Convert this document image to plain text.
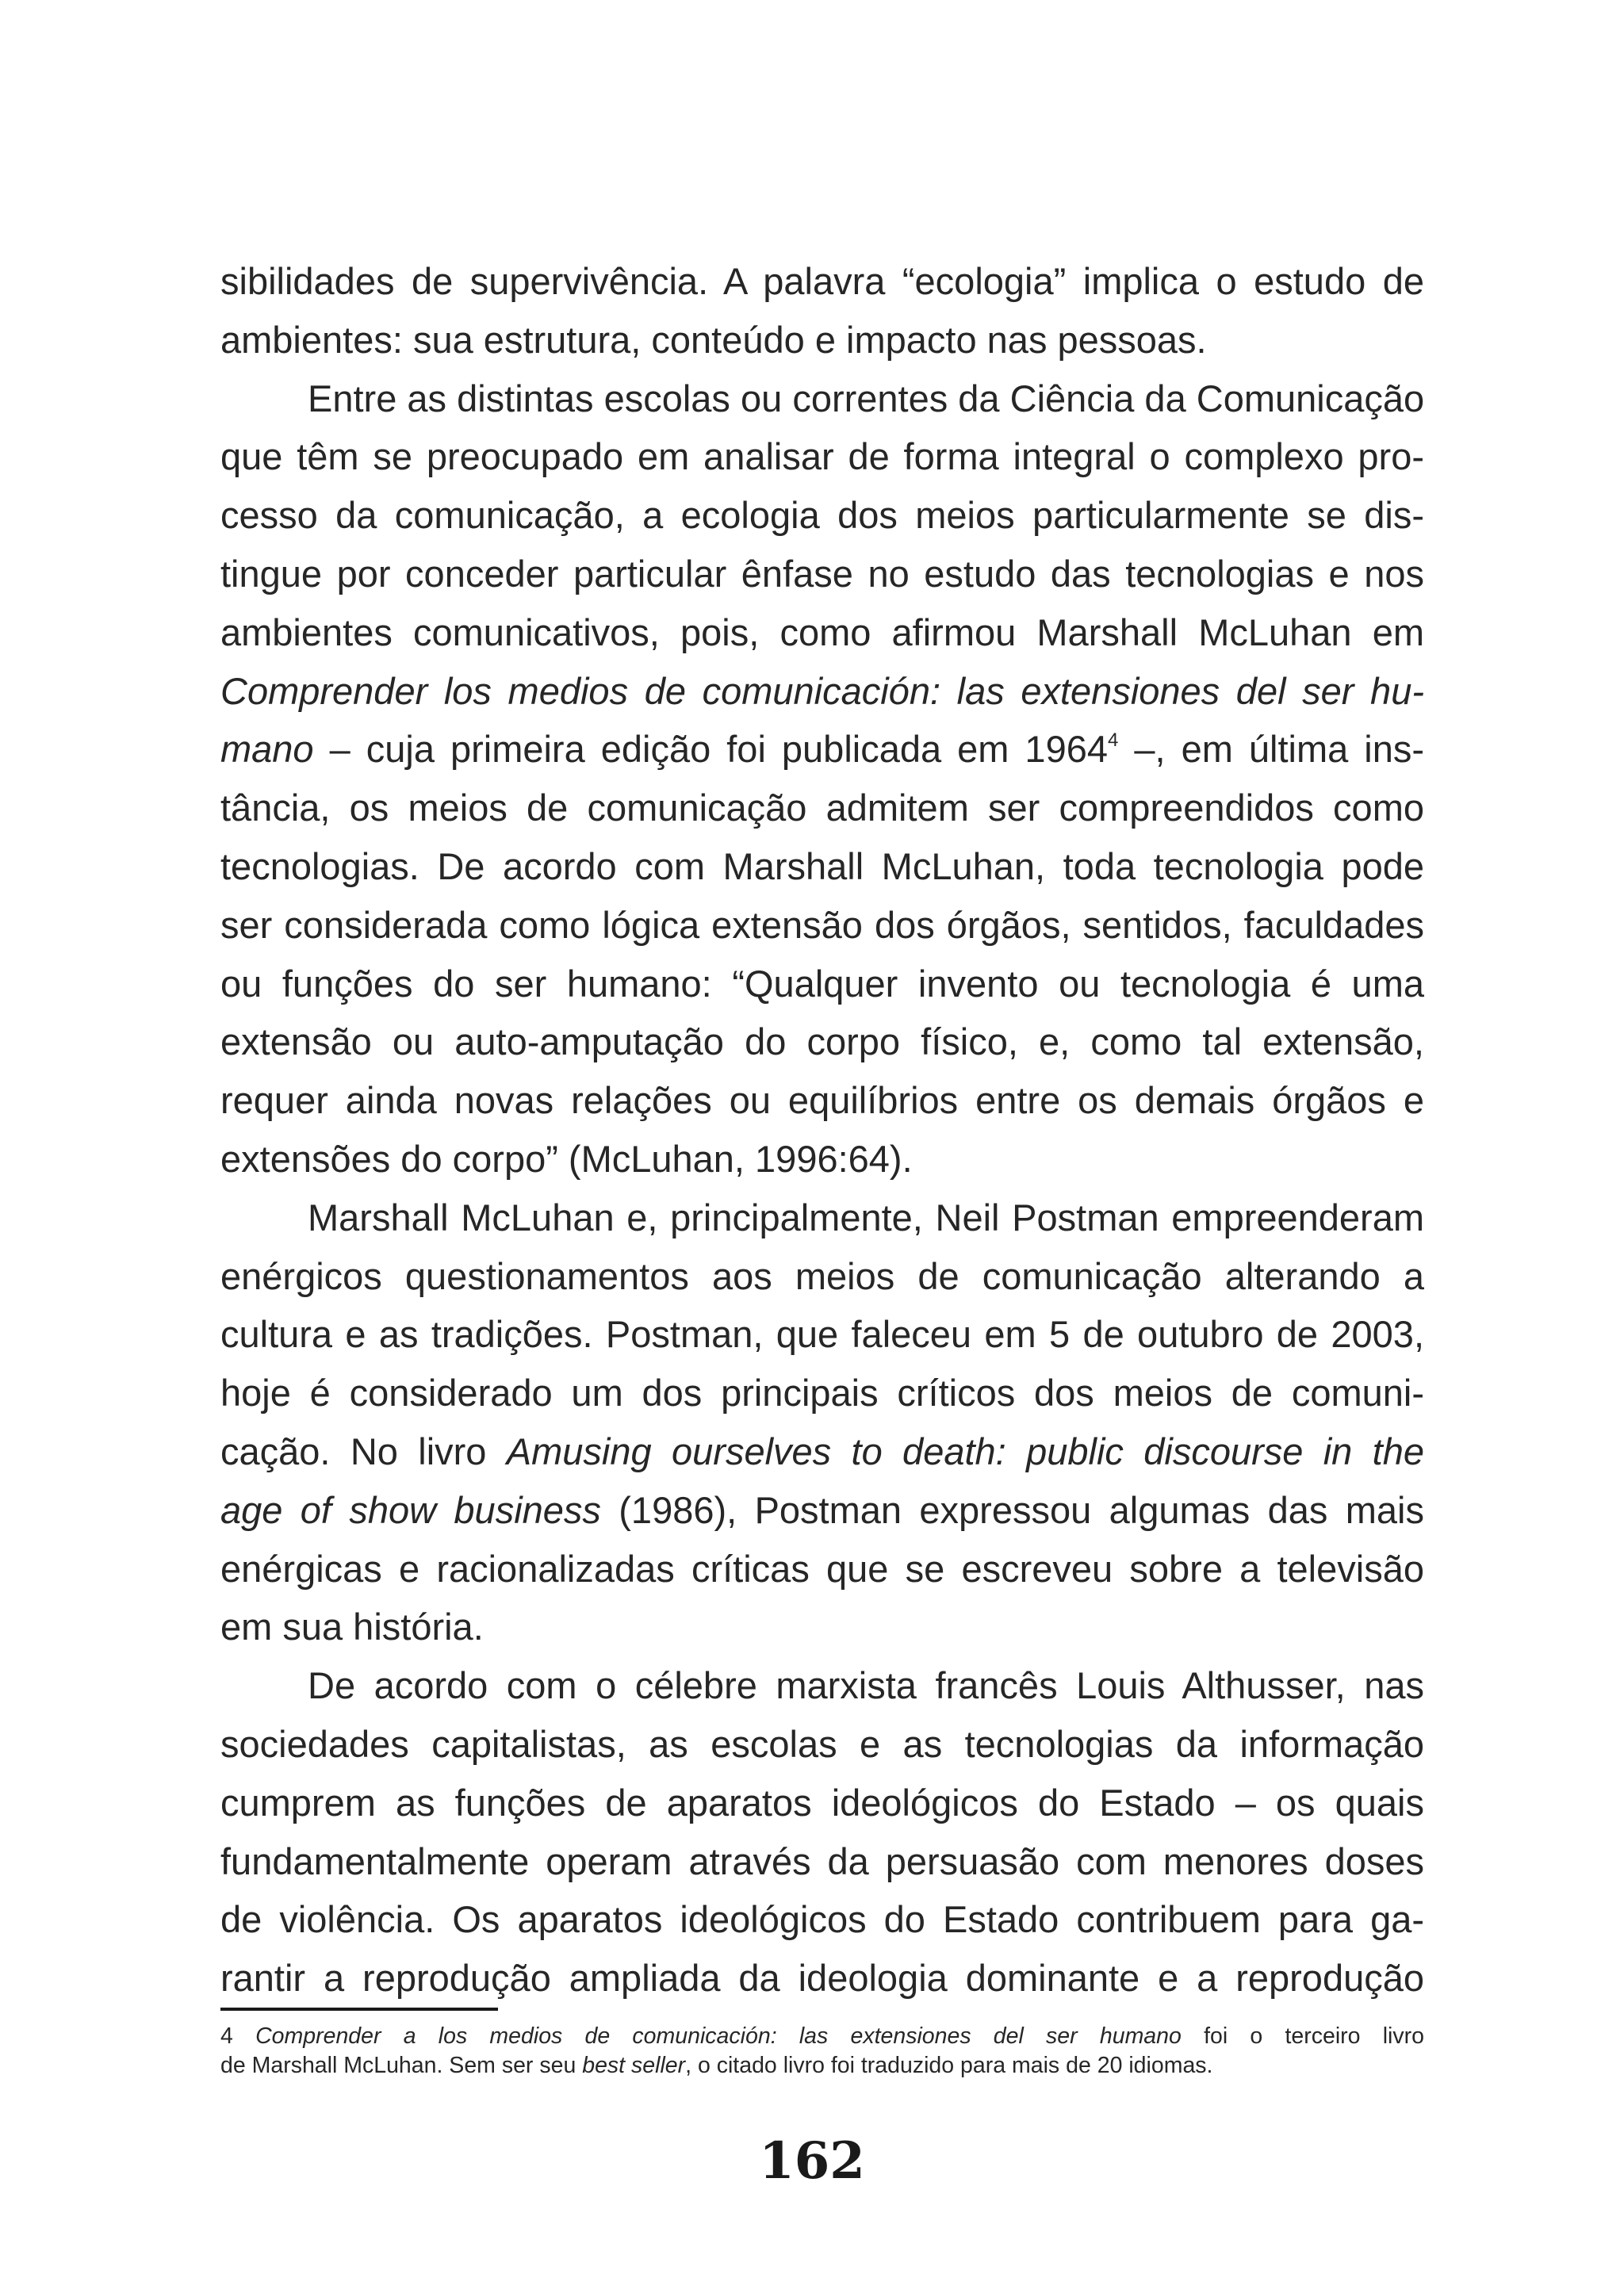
sibilidades de supervivência. A palavra “ecologia” implica o estudo de

ambientes: sua estrutura, conteúdo e impacto nas pessoas.

Entre as distintas escolas ou correntes da Ciência da Comunicação

que têm se preocupado em analisar de forma integral o complexo pro-

cesso da comunicação, a ecologia dos meios particularmente se dis-

tingue por conceder particular ênfase no estudo das tecnologias e nos

ambientes comunicativos, pois, como afirmou Marshall McLuhan em

Comprender los medios de comunicación: las extensiones del ser hu-

mano – cuja primeira edição foi publicada em 1964$^4$ –, em última ins-

tância, os meios de comunicação admitem ser compreendidos como

tecnologias. De acordo com Marshall McLuhan, toda tecnologia pode

ser considerada como lógica extensão dos órgãos, sentidos, faculdades

ou funções do ser humano: “Qualquer invento ou tecnologia é uma

extensão ou auto-amputação do corpo físico, e, como tal extensão,

requer ainda novas relações ou equilíbrios entre os demais órgãos e

extensões do corpo” (McLuhan, 1996:64).

Marshall McLuhan e, principalmente, Neil Postman empreenderam

enérgicos questionamentos aos meios de comunicação alterando a

cultura e as tradições. Postman, que faleceu em 5 de outubro de 2003,

hoje é considerado um dos principais críticos dos meios de comuni-

cação. No livro Amusing ourselves to death: public discourse in the

age of show business (1986), Postman expressou algumas das mais

enérgicas e racionalizadas críticas que se escreveu sobre a televisão

em sua história.

De acordo com o célebre marxista francês Louis Althusser, nas

sociedades capitalistas, as escolas e as tecnologias da informação

cumprem as funções de aparatos ideológicos do Estado – os quais

fundamentalmente operam através da persuasão com menores doses

de violência. Os aparatos ideológicos do Estado contribuem para ga-

rantir a reprodução ampliada da ideologia dominante e a reprodução

4 Comprender a los medios de comunicación: las extensiones del ser humano foi o terceiro livro

de Marshall McLuhan. Sem ser seu best seller, o citado livro foi traduzido para mais de 20 idiomas.

162
